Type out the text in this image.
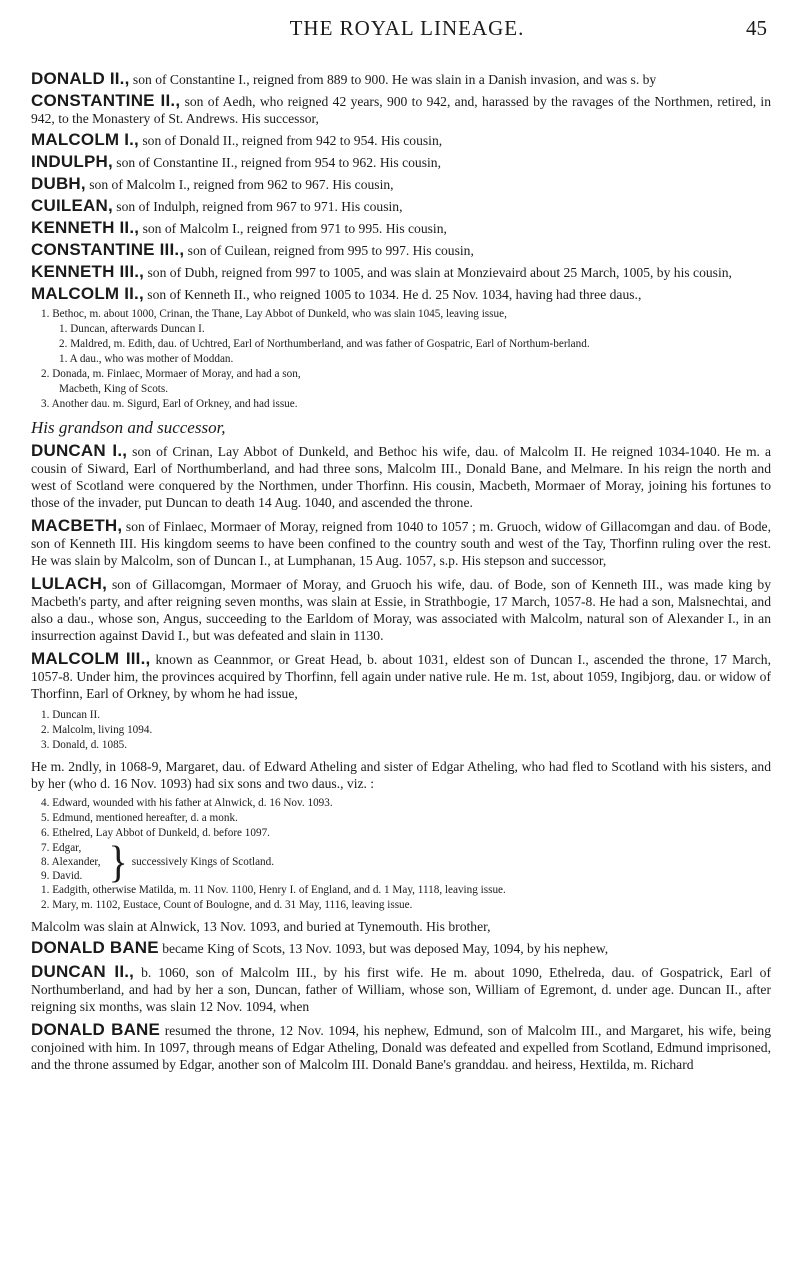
THE ROYAL LINEAGE.	45

DONALD II., son of Constantine I., reigned from 889 to 900. He was slain in a Danish invasion, and was s. by

CONSTANTINE II., son of Aedh, who reigned 42 years, 900 to 942, and, harassed by the ravages of the Northmen, retired, in 942, to the Monastery of St. Andrews. His successor,

MALCOLM I., son of Donald II., reigned from 942 to 954. His cousin,

INDULPH, son of Constantine II., reigned from 954 to 962. His cousin,

DUBH, son of Malcolm I., reigned from 962 to 967. His cousin,

CUILEAN, son of Indulph, reigned from 967 to 971. His cousin,

KENNETH II., son of Malcolm I., reigned from 971 to 995. His cousin,

CONSTANTINE III., son of Cuilean, reigned from 995 to 997. His cousin,

KENNETH III., son of Dubh, reigned from 997 to 1005, and was slain at Monzievaird about 25 March, 1005, by his cousin,

MALCOLM II., son of Kenneth II., who reigned 1005 to 1034. He d. 25 Nov. 1034, having had three daus.,

1. Bethoc, m. about 1000, Crinan, the Thane, Lay Abbot of Dunkeld, who was slain 1045, leaving issue,
1. Duncan, afterwards Duncan I.
2. Maldred, m. Edith, dau. of Uchtred, Earl of Northumberland, and was father of Gospatric, Earl of Northum-berland.
1. A dau., who was mother of Moddan.
2. Donada, m. Finlaec, Mormaer of Moray, and had a son,
Macbeth, King of Scots.
3. Another dau. m. Sigurd, Earl of Orkney, and had issue.
His grandson and successor,

DUNCAN I., son of Crinan, Lay Abbot of Dunkeld, and Bethoc his wife, dau. of Malcolm II. He reigned 1034-1040. He m. a cousin of Siward, Earl of Northumberland, and had three sons, Malcolm III., Donald Bane, and Melmare. In his reign the north and west of Scotland were conquered by the Northmen, under Thorfinn. His cousin, Macbeth, Mormaer of Moray, joining his fortunes to those of the invader, put Duncan to death 14 Aug. 1040, and ascended the throne.

MACBETH, son of Finlaec, Mormaer of Moray, reigned from 1040 to 1057 ; m. Gruoch, widow of Gillacomgan and dau. of Bode, son of Kenneth III. His kingdom seems to have been confined to the country south and west of the Tay, Thorfinn ruling over the rest. He was slain by Malcolm, son of Duncan I., at Lumphanan, 15 Aug. 1057, s.p. His stepson and successor,

LULACH, son of Gillacomgan, Mormaer of Moray, and Gruoch his wife, dau. of Bode, son of Kenneth III., was made king by Macbeth's party, and after reigning seven months, was slain at Essie, in Strathbogie, 17 March, 1057-8. He had a son, Malsnechtai, and also a dau., whose son, Angus, succeeding to the Earldom of Moray, was associated with Malcolm, natural son of Alexander I., in an insurrection against David I., but was defeated and slain in 1130.

MALCOLM III., known as Ceannmor, or Great Head, b. about 1031, eldest son of Duncan I., ascended the throne, 17 March, 1057-8. Under him, the provinces acquired by Thorfinn, fell again under native rule. He m. 1st, about 1059, Ingibjorg, dau. or widow of Thorfinn, Earl of Orkney, by whom he had issue,

1. Duncan II.
2. Malcolm, living 1094.
3. Donald, d. 1085.

He m. 2ndly, in 1068-9, Margaret, dau. of Edward Atheling and sister of Edgar Atheling, who had fled to Scotland with his sisters, and by her (who d. 16 Nov. 1093) had six sons and two daus., viz. :

4. Edward, wounded with his father at Alnwick, d. 16 Nov. 1093.
5. Edmund, mentioned hereafter, d. a monk.
6. Ethelred, Lay Abbot of Dunkeld, d. before 1097.
7. Edgar,
8. Alexander,
9. David. } successively Kings of Scotland.
1. Eadgith, otherwise Matilda, m. 11 Nov. 1100, Henry I. of England, and d. 1 May, 1118, leaving issue.
2. Mary, m. 1102, Eustace, Count of Boulogne, and d. 31 May, 1116, leaving issue.

Malcolm was slain at Alnwick, 13 Nov. 1093, and buried at Tynemouth. His brother,

DONALD BANE became King of Scots, 13 Nov. 1093, but was deposed May, 1094, by his nephew,

DUNCAN II., b. 1060, son of Malcolm III., by his first wife. He m. about 1090, Ethelreda, dau. of Gospatrick, Earl of Northumberland, and had by her a son, Duncan, father of William, whose son, William of Egremont, d. under age. Duncan II., after reigning six months, was slain 12 Nov. 1094, when

DONALD BANE resumed the throne, 12 Nov. 1094, his nephew, Edmund, son of Malcolm III., and Margaret, his wife, being conjoined with him. In 1097, through means of Edgar Atheling, Donald was defeated and expelled from Scotland, Edmund imprisoned, and the throne assumed by Edgar, another son of Malcolm III. Donald Bane's granddau. and heiress, Hextilda, m. Richard
